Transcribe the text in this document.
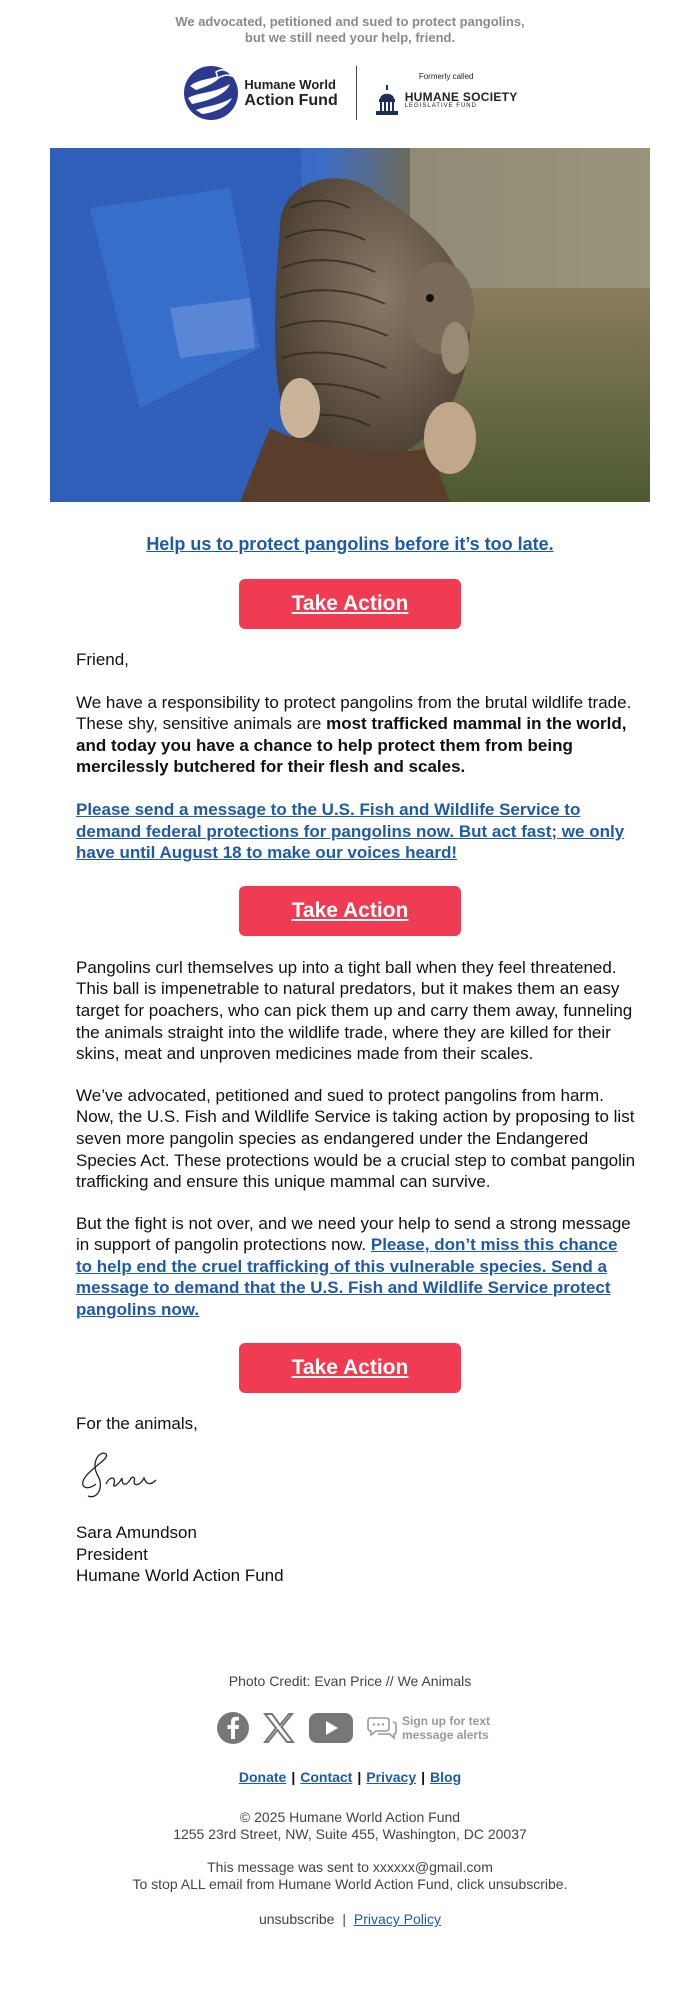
We advocated, petitioned and sued to protect pangolins,
but we still need your help, friend.
Humane World
Action Fund
Formerly called
HUMANE SOCIETY
LEGISLATIVE FUND
Help us to protect pangolins before it’s too late.
Take Action

Friend,

We have a responsibility to protect pangolins from the brutal wildlife trade. These shy, sensitive animals are most trafficked mammal in the world, and today you have a chance to help protect them from being mercilessly butchered for their flesh and scales.

Please send a message to the U.S. Fish and Wildlife Service to demand federal protections for pangolins now. But act fast; we only have until August 18 to make our voices heard!

Take Action

Pangolins curl themselves up into a tight ball when they feel threatened. This ball is impenetrable to natural predators, but it makes them an easy target for poachers, who can pick them up and carry them away, funneling the animals straight into the wildlife trade, where they are killed for their skins, meat and unproven medicines made from their scales.

We’ve advocated, petitioned and sued to protect pangolins from harm. Now, the U.S. Fish and Wildlife Service is taking action by proposing to list seven more pangolin species as endangered under the Endangered Species Act. These protections would be a crucial step to combat pangolin trafficking and ensure this unique mammal can survive.

But the fight is not over, and we need your help to send a strong message in support of pangolin protections now. Please, don’t miss this chance to help end the cruel trafficking of this vulnerable species. Send a message to demand that the U.S. Fish and Wildlife Service protect pangolins now.

Take Action

For the animals,

Sara Amundson

President

Humane World Action Fund

Photo Credit: Evan Price // We Animals
Sign up for text
message alerts
Donate | Contact | Privacy | Blog
© 2025 Humane World Action Fund
1255 23rd Street, NW, Suite 455, Washington, DC 20037
This message was sent to xxxxxx@gmail.com
To stop ALL email from Humane World Action Fund, click unsubscribe.
unsubscribe | Privacy Policy
